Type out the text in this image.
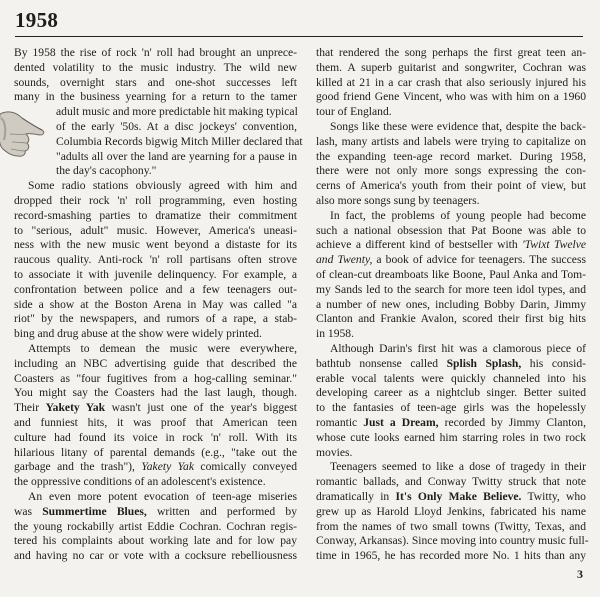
1958
By 1958 the rise of rock 'n' roll had brought an unprece-
dented volatility to the music industry. The wild new
sounds, overnight stars and one-shot successes left
many in the business yearning for a return to the tamer
adult music and more predictable hit making typical
of the early '50s. At a disc jockeys' convention,
Columbia Records bigwig Mitch Miller declared that
"adults all over the land are yearning for a pause in
the day's cacophony."
Some radio stations obviously agreed with him and
dropped their rock 'n' roll programming, even hosting
record-smashing parties to dramatize their commitment
to "serious, adult" music. However, America's uneasi-
ness with the new music went beyond a distaste for its
raucous quality. Anti-rock 'n' roll partisans often strove
to associate it with juvenile delinquency. For example, a
confrontation between police and a few teenagers out-
side a show at the Boston Arena in May was called "a
riot" by the newspapers, and rumors of a rape, a stab-
bing and drug abuse at the show were widely printed.
Attempts to demean the music were everywhere,
including an NBC advertising guide that described the
Coasters as "four fugitives from a hog-calling seminar."
You might say the Coasters had the last laugh, though.
Their Yakety Yak wasn't just one of the year's biggest
and funniest hits, it was proof that American teen
culture had found its voice in rock 'n' roll. With its
hilarious litany of parental demands (e.g., "take out the
garbage and the trash"), Yakety Yak comically conveyed
the oppressive conditions of an adolescent's existence.
An even more potent evocation of teen-age miseries
was Summertime Blues, written and performed by
the young rockabilly artist Eddie Cochran. Cochran regis-
tered his complaints about working late and for low pay
and having no car or vote with a cocksure rebelliousness
that rendered the song perhaps the first great teen an-
them. A superb guitarist and songwriter, Cochran was
killed at 21 in a car crash that also seriously injured his
good friend Gene Vincent, who was with him on a 1960
tour of England.
Songs like these were evidence that, despite the back-
lash, many artists and labels were trying to capitalize on
the expanding teen-age record market. During 1958,
there were not only more songs expressing the con-
cerns of America's youth from their point of view, but
also more songs sung by teenagers.
In fact, the problems of young people had become
such a national obsession that Pat Boone was able to
achieve a different kind of bestseller with 'Twixt Twelve
and Twenty, a book of advice for teenagers. The success
of clean-cut dreamboats like Boone, Paul Anka and Tom-
my Sands led to the search for more teen idol types, and
a number of new ones, including Bobby Darin, Jimmy
Clanton and Frankie Avalon, scored their first big hits
in 1958.
Although Darin's first hit was a clamorous piece of
bathtub nonsense called Splish Splash, his consid-
erable vocal talents were quickly channeled into his
developing career as a nightclub singer. Better suited
to the fantasies of teen-age girls was the hopelessly
romantic Just a Dream, recorded by Jimmy Clanton,
whose cute looks earned him starring roles in two rock
movies.
Teenagers seemed to like a dose of tragedy in their
romantic ballads, and Conway Twitty struck that note
dramatically in It's Only Make Believe. Twitty, who
grew up as Harold Lloyd Jenkins, fabricated his name
from the names of two small towns (Twitty, Texas, and
Conway, Arkansas). Since moving into country music full-
time in 1965, he has recorded more No. 1 hits than any
3
